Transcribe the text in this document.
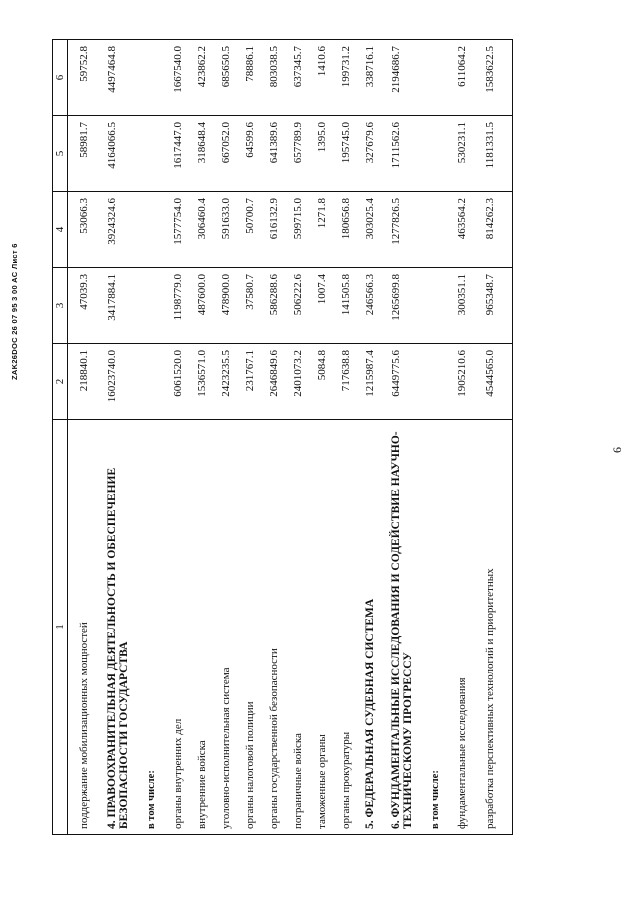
ZAK26DOC 26 07 95 3 00 AC Лист 6
1	2	3	4	5	6

поддержание мобилизационных мощностей	218840.1	47039.3	53066.3	58981.7	59752.8
4. ПРАВООХРАНИТЕЛЬНАЯ ДЕЯТЕЛЬНОСТЬ И ОБЕСПЕЧЕНИЕ БЕЗОПАСНОСТИ ГОСУДАРСТВА	16023740.0	3417884.1	3924324.6	4164066.5	4497464.8
в том числе:					
органы внутренних дел	6061520.0	1198779.0	1577754.0	1617447.0	1667540.0
внутренние войска	1536571.0	487600.0	306460.4	318648.4	423862.2
уголовно-исполнительная система	2423235.5	478900.0	591633.0	667052.0	685650.5
органы налоговой полиции	231767.1	37580.7	50700.7	64599.6	78886.1
органы государственной безопасности	2646849.6	586288.6	616132.9	641389.6	803038.5
пограничные войска	2401073.2	506222.6	599715.0	657789.9	637345.7
таможенные органы	5084.8	1007.4	1271.8	1395.0	1410.6
органы прокуратуры	717638.8	141505.8	180656.8	195745.0	199731.2
5. ФЕДЕРАЛЬНАЯ СУДЕБНАЯ СИСТЕМА	1215987.4	246566.3	303025.4	327679.6	338716.1
6. ФУНДАМЕНТАЛЬНЫЕ ИССЛЕДОВАНИЯ И СОДЕЙСТВИЕ НАУЧНО-ТЕХНИЧЕСКОМУ ПРОГРЕССУ	6449775.6	1265699.8	1277826.5	1711562.6	2194686.7
в том числе:					
фундаментальные исследования	1905210.6	300351.1	463564.2	530231.1	611064.2
разработка перспективных технологий и приоритетных	4544565.0	965348.7	814262.3	1181331.5	1583622.5
6
